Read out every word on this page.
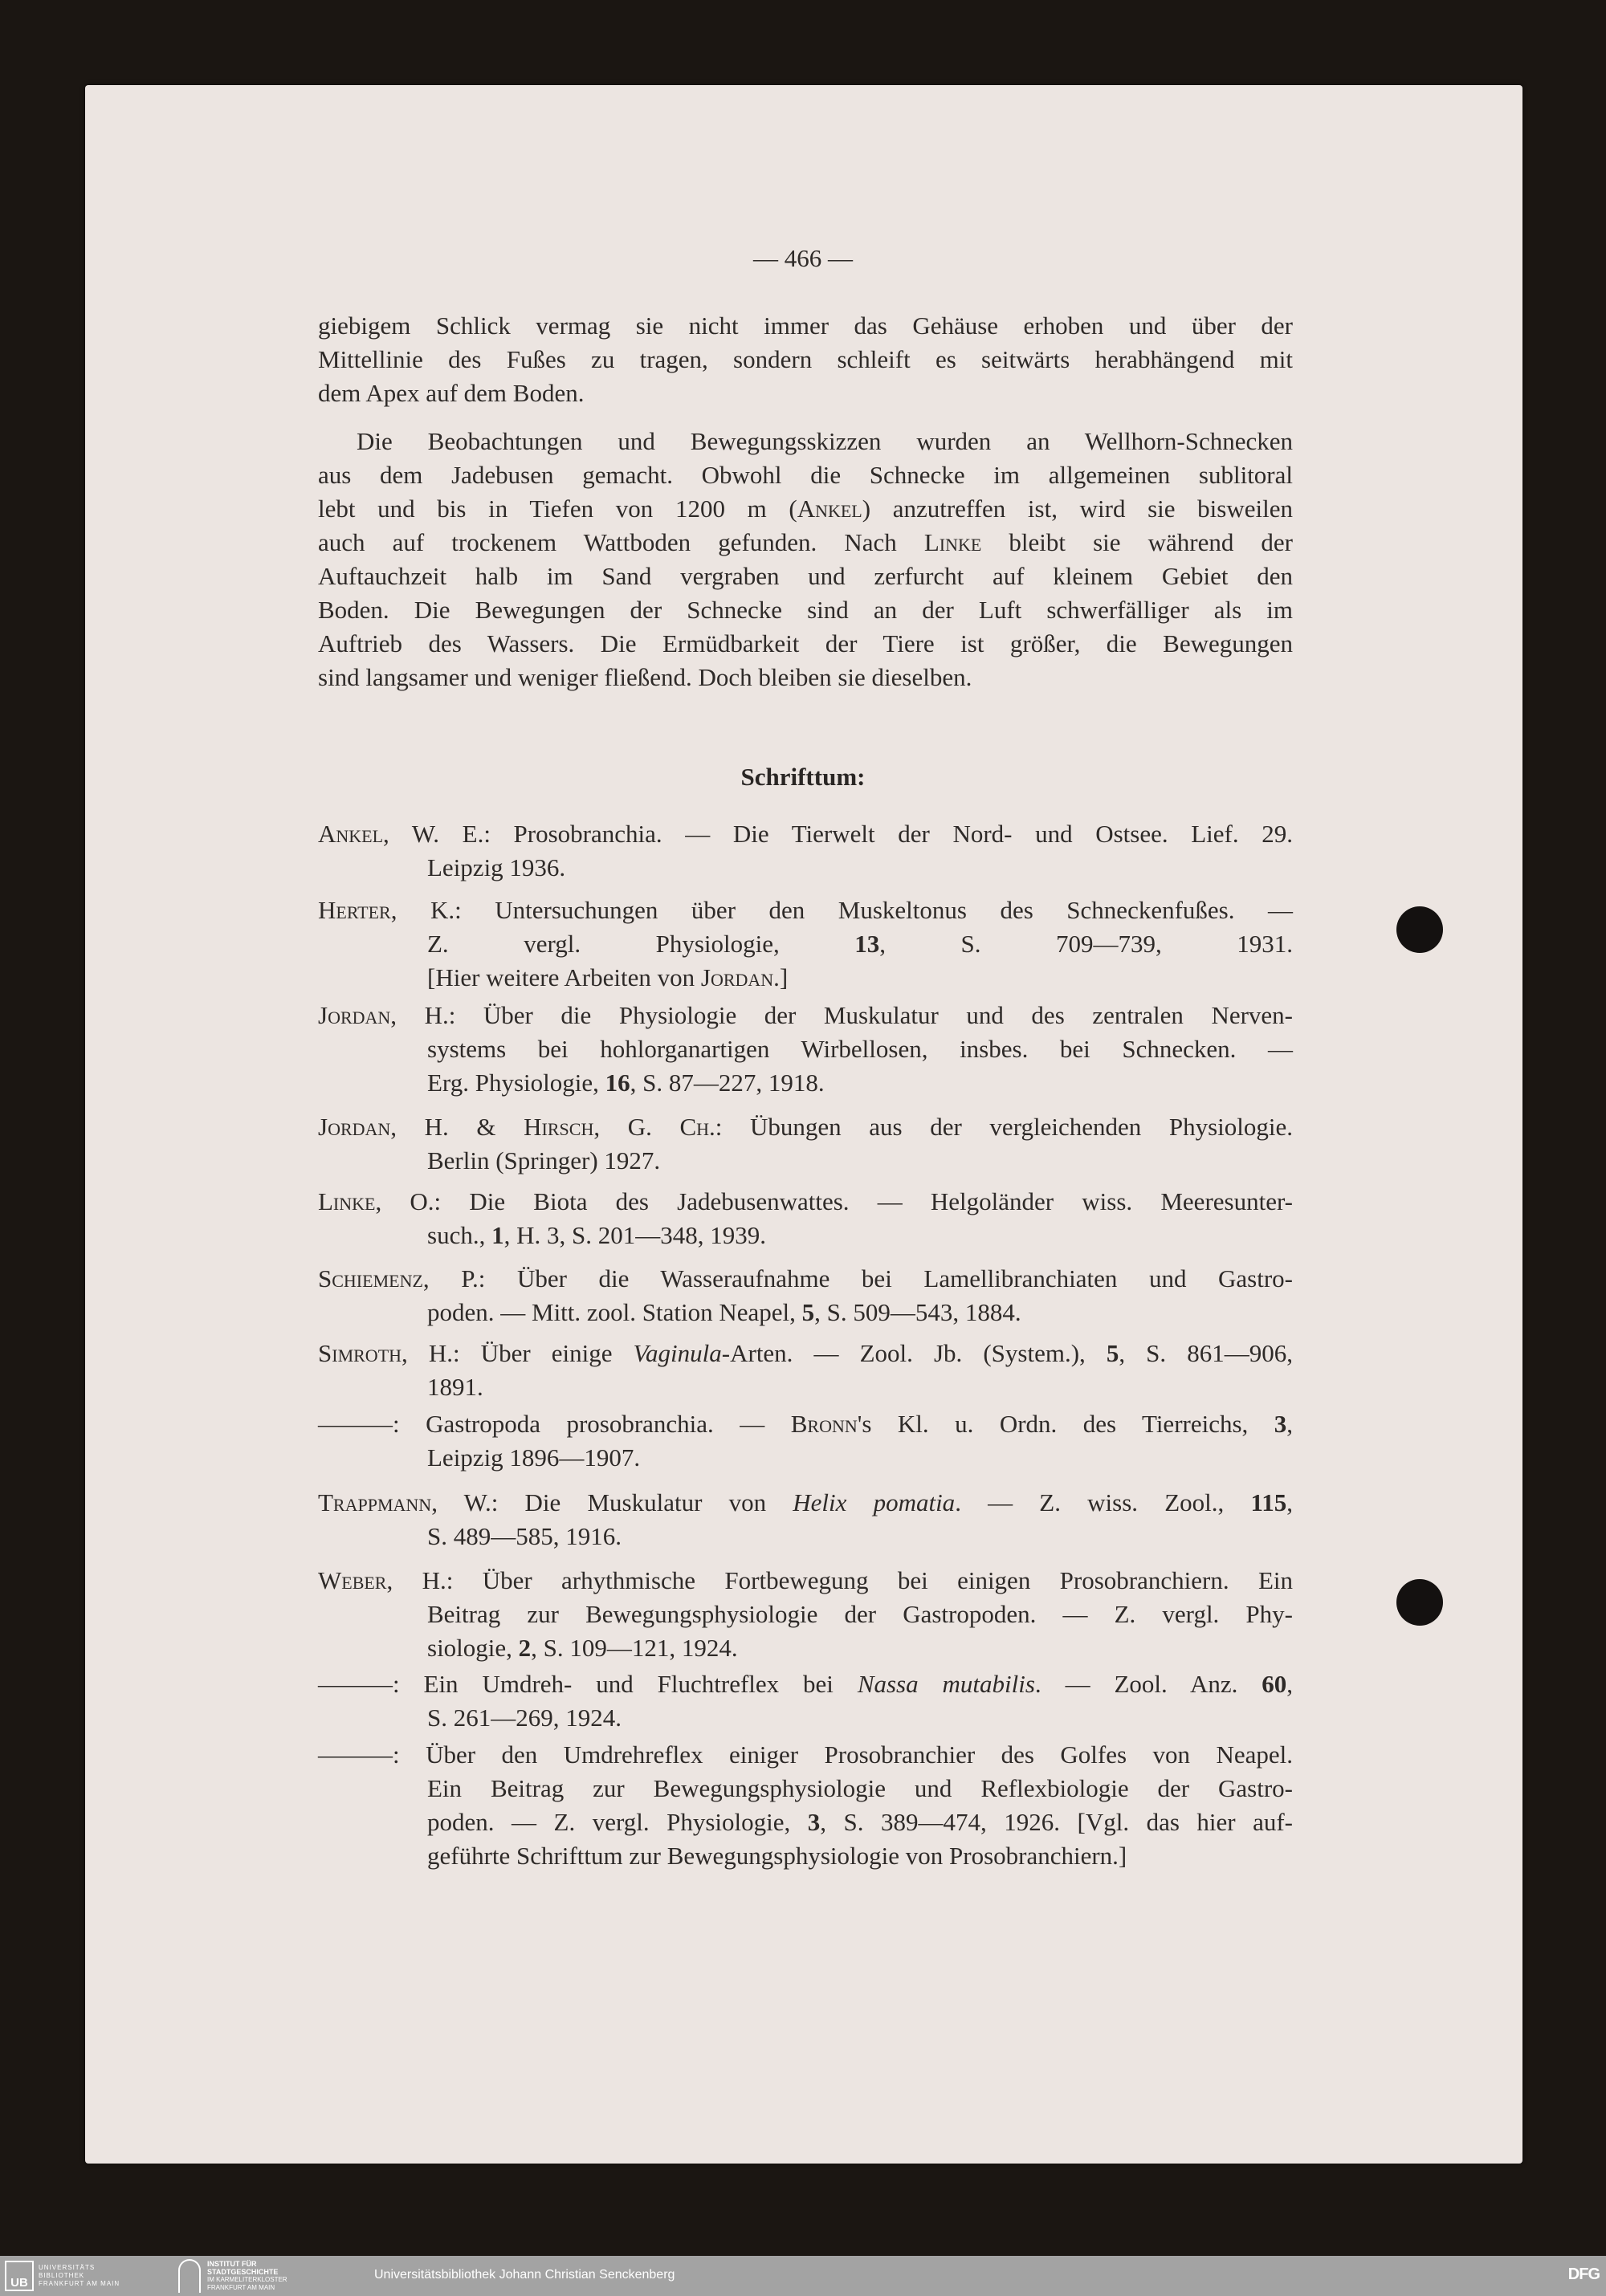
— 466 —
giebigem Schlick vermag sie nicht immer das Gehäuse erhoben und über der
Mittellinie des Fußes zu tragen, sondern schleift es seitwärts herabhängend mit
dem Apex auf dem Boden.
Die Beobachtungen und Bewegungsskizzen wurden an Wellhorn-Schnecken
aus dem Jadebusen gemacht. Obwohl die Schnecke im allgemeinen sublitoral
lebt und bis in Tiefen von 1200 m (Ankel) anzutreffen ist, wird sie bisweilen
auch auf trockenem Wattboden gefunden. Nach Linke bleibt sie während der
Auftauchzeit halb im Sand vergraben und zerfurcht auf kleinem Gebiet den
Boden. Die Bewegungen der Schnecke sind an der Luft schwerfälliger als im
Auftrieb des Wassers. Die Ermüdbarkeit der Tiere ist größer, die Bewegungen
sind langsamer und weniger fließend. Doch bleiben sie dieselben.
Schrifttum:
Ankel, W. E.: Prosobranchia. — Die Tierwelt der Nord- und Ostsee. Lief. 29.
Leipzig 1936.
Herter, K.: Untersuchungen über den Muskeltonus des Schneckenfußes. —
Z. vergl. Physiologie, 13, S. 709—739, 1931.
[Hier weitere Arbeiten von Jordan.]
Jordan, H.: Über die Physiologie der Muskulatur und des zentralen Nerven-
systems bei hohlorganartigen Wirbellosen, insbes. bei Schnecken. —
Erg. Physiologie, 16, S. 87—227, 1918.
Jordan, H. & Hirsch, G. Ch.: Übungen aus der vergleichenden Physiologie.
Berlin (Springer) 1927.
Linke, O.: Die Biota des Jadebusenwattes. — Helgoländer wiss. Meeresunter-
such., 1, H. 3, S. 201—348, 1939.
Schiemenz, P.: Über die Wasseraufnahme bei Lamellibranchiaten und Gastro-
poden. — Mitt. zool. Station Neapel, 5, S. 509—543, 1884.
Simroth, H.: Über einige Vaginula-Arten. — Zool. Jb. (System.), 5, S. 861—906,
1891.
———: Gastropoda prosobranchia. — Bronn's Kl. u. Ordn. des Tierreichs, 3,
Leipzig 1896—1907.
Trappmann, W.: Die Muskulatur von Helix pomatia. — Z. wiss. Zool., 115,
S. 489—585, 1916.
Weber, H.: Über arhythmische Fortbewegung bei einigen Prosobranchiern. Ein
Beitrag zur Bewegungsphysiologie der Gastropoden. — Z. vergl. Phy-
siologie, 2, S. 109—121, 1924.
———: Ein Umdreh- und Fluchtreflex bei Nassa mutabilis. — Zool. Anz. 60,
S. 261—269, 1924.
———: Über den Umdrehreflex einiger Prosobranchier des Golfes von Neapel.
Ein Beitrag zur Bewegungsphysiologie und Reflexbiologie der Gastro-
poden. — Z. vergl. Physiologie, 3, S. 389—474, 1926. [Vgl. das hier auf-
geführte Schrifttum zur Bewegungsphysiologie von Prosobranchiern.]
UB
UNIVERSITÄTS
BIBLIOTHEK
FRANKFURT AM MAIN
INSTITUT FÜR
STADTGESCHICHTE
IM KARMELITERKLOSTER
FRANKFURT AM MAIN
Universitätsbibliothek Johann Christian Senckenberg	DFG
